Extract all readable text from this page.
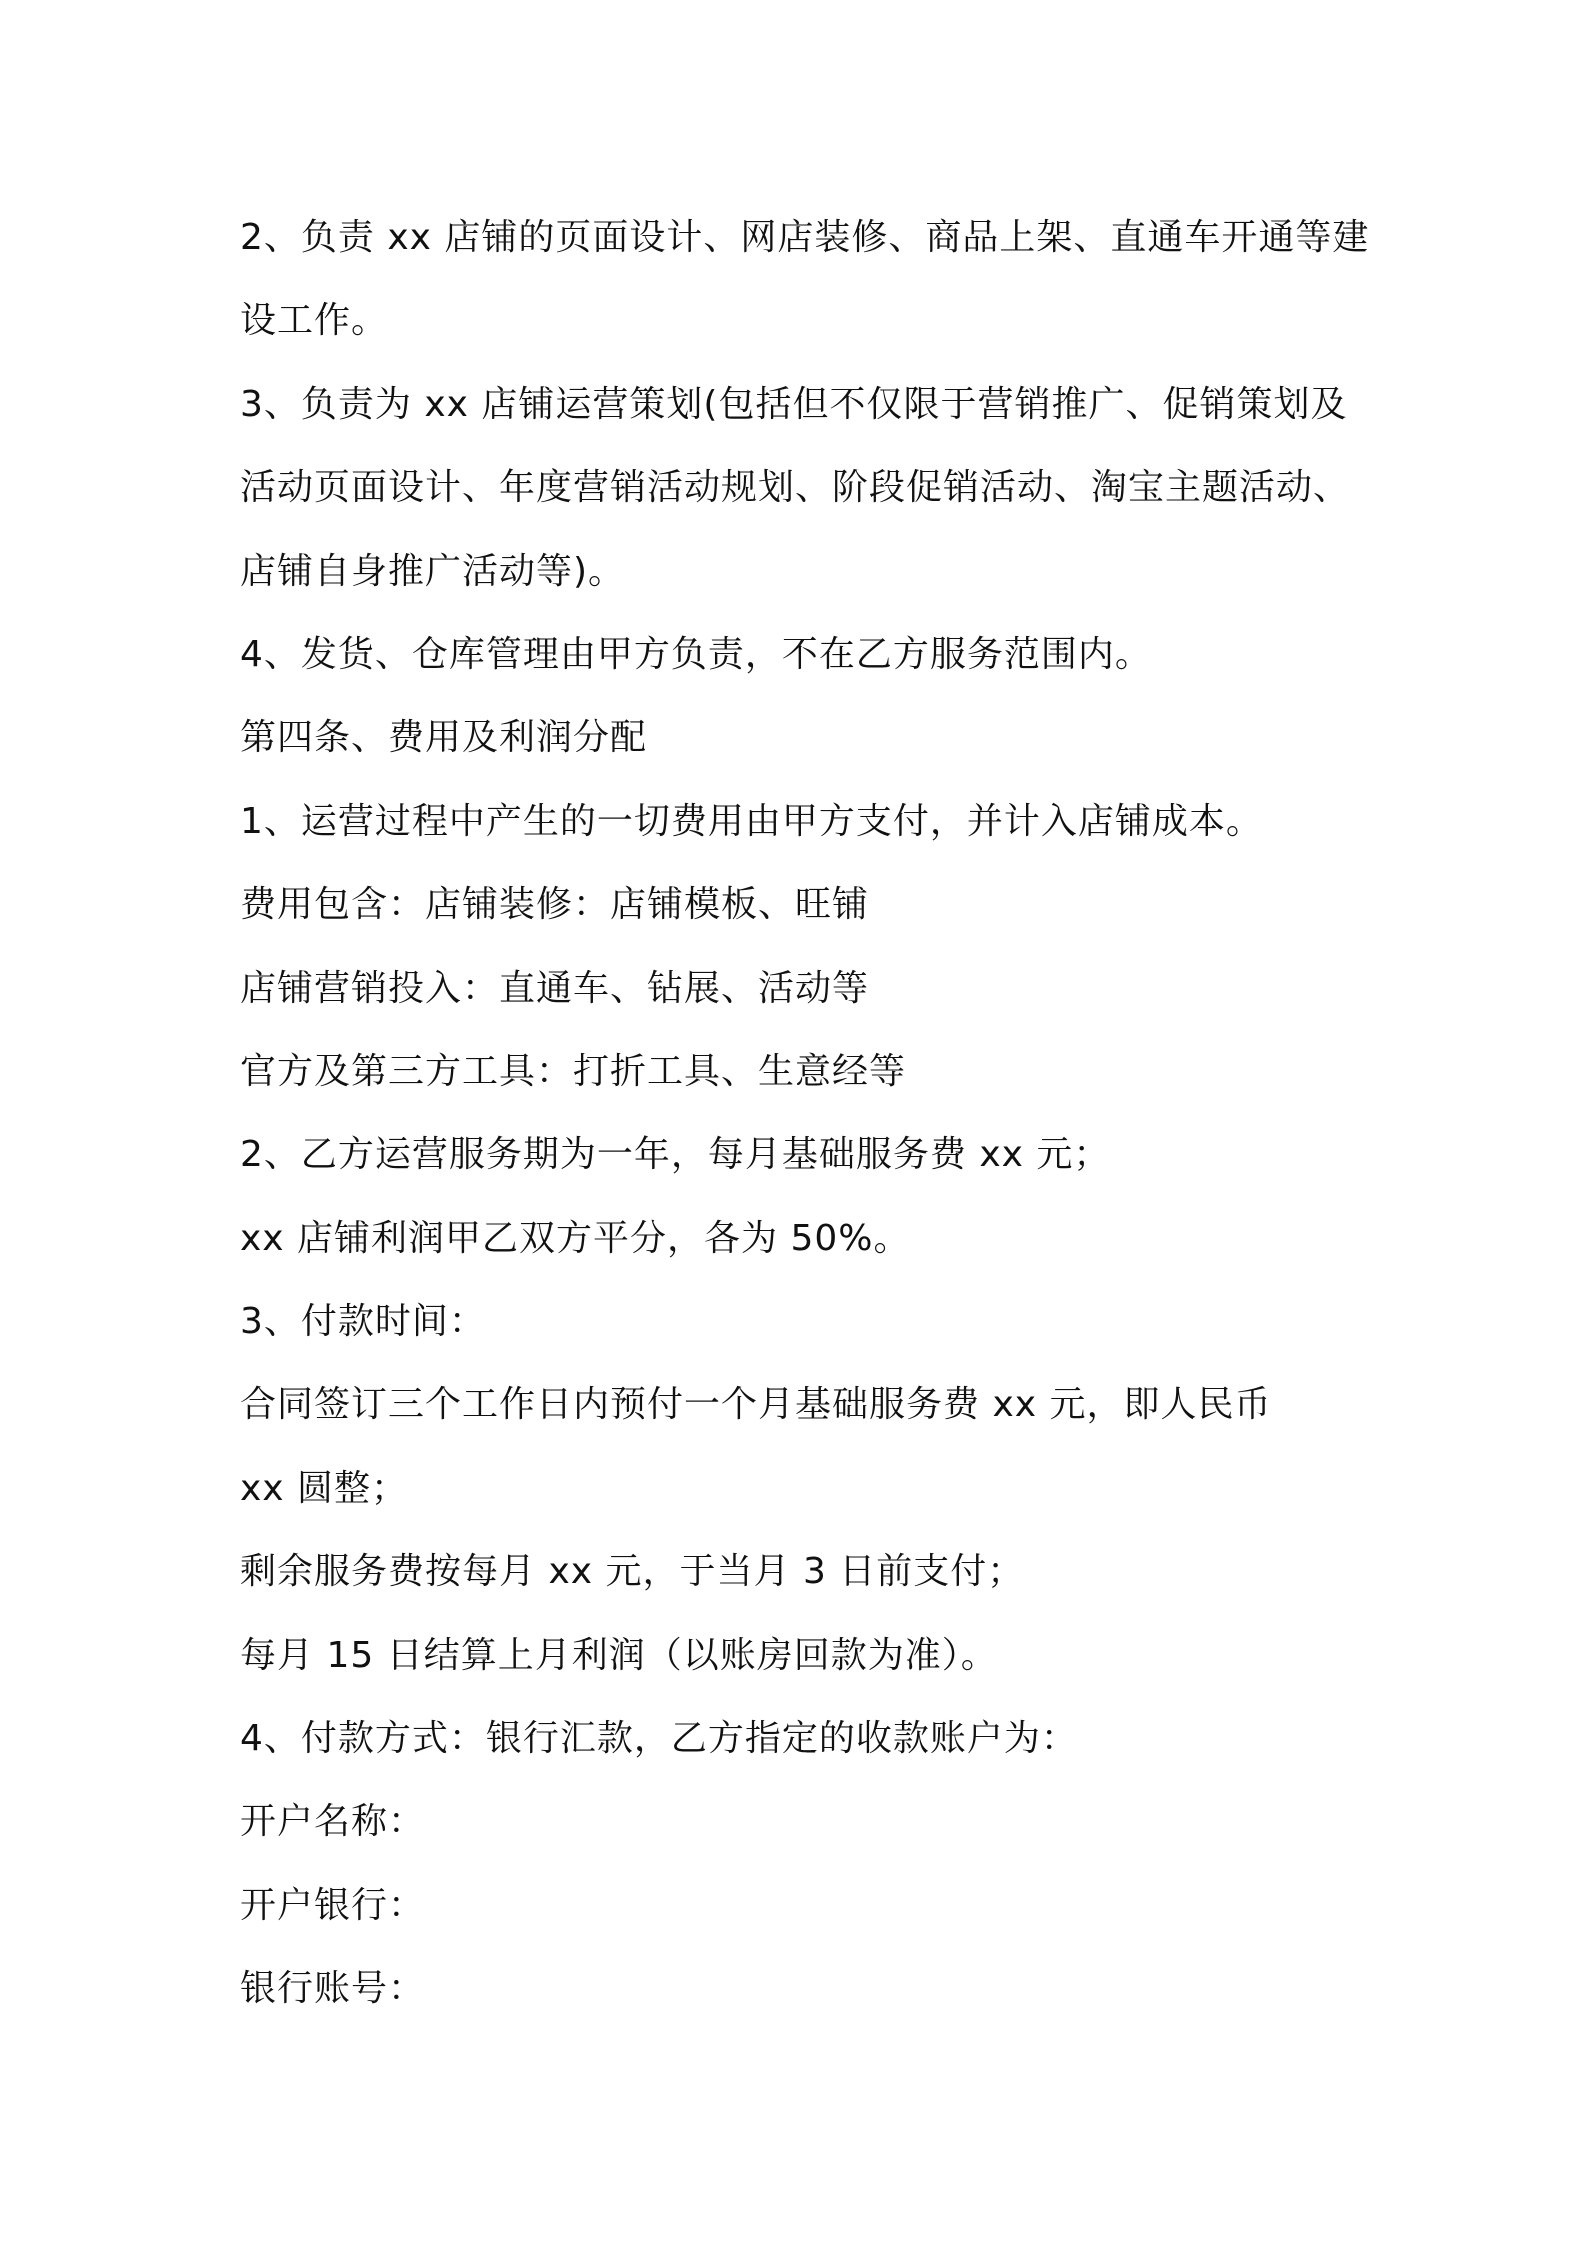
2、负责 xx 店铺的页面设计、网店装修、商品上架、直通车开通等建
设工作。
3、负责为 xx 店铺运营策划(包括但不仅限于营销推广、促销策划及
活动页面设计、年度营销活动规划、阶段促销活动、淘宝主题活动、
店铺自身推广活动等)。
4、发货、仓库管理由甲方负责，不在乙方服务范围内。
第四条、费用及利润分配
1、运营过程中产生的一切费用由甲方支付，并计入店铺成本。
费用包含：店铺装修：店铺模板、旺铺
店铺营销投入：直通车、钻展、活动等
官方及第三方工具：打折工具、生意经等
2、乙方运营服务期为一年，每月基础服务费 xx 元；
xx 店铺利润甲乙双方平分，各为 50%。
3、付款时间：
合同签订三个工作日内预付一个月基础服务费 xx 元，即人民币
xx 圆整；
剩余服务费按每月 xx 元，于当月 3 日前支付；
每月 15 日结算上月利润（以账房回款为准）。
4、付款方式：银行汇款，乙方指定的收款账户为：
开户名称：
开户银行：
银行账号：
